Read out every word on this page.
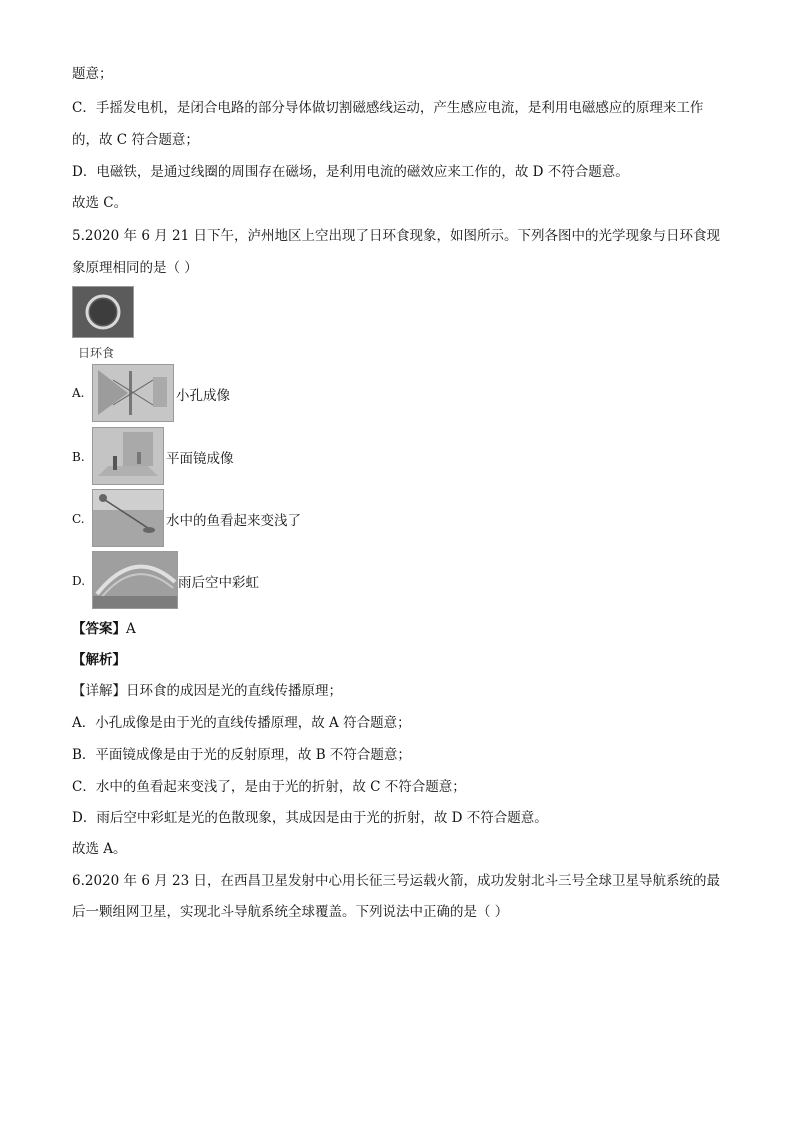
题意；
C．手摇发电机，是闭合电路的部分导体做切割磁感线运动，产生感应电流，是利用电磁感应的原理来工作
的，故 C 符合题意；
D．电磁铁，是通过线圈的周围存在磁场，是利用电流的磁效应来工作的，故 D 不符合题意。
故选 C。
5.2020 年 6 月 21 日下午，泸州地区上空出现了日环食现象，如图所示。下列各图中的光学现象与日环食现
象原理相同的是（ ）
日环食
A.	小孔成像
B.	平面镜成像
C.	水中的鱼看起来变浅了
D.	雨后空中彩虹
【答案】A
【解析】
【详解】日环食的成因是光的直线传播原理；
A．小孔成像是由于光的直线传播原理，故 A 符合题意；
B．平面镜成像是由于光的反射原理，故 B 不符合题意；
C．水中的鱼看起来变浅了，是由于光的折射，故 C 不符合题意；
D．雨后空中彩虹是光的色散现象，其成因是由于光的折射，故 D 不符合题意。
故选 A。
6.2020 年 6 月 23 日，在西昌卫星发射中心用长征三号运载火箭，成功发射北斗三号全球卫星导航系统的最
后一颗组网卫星，实现北斗导航系统全球覆盖。下列说法中正确的是（ ）
